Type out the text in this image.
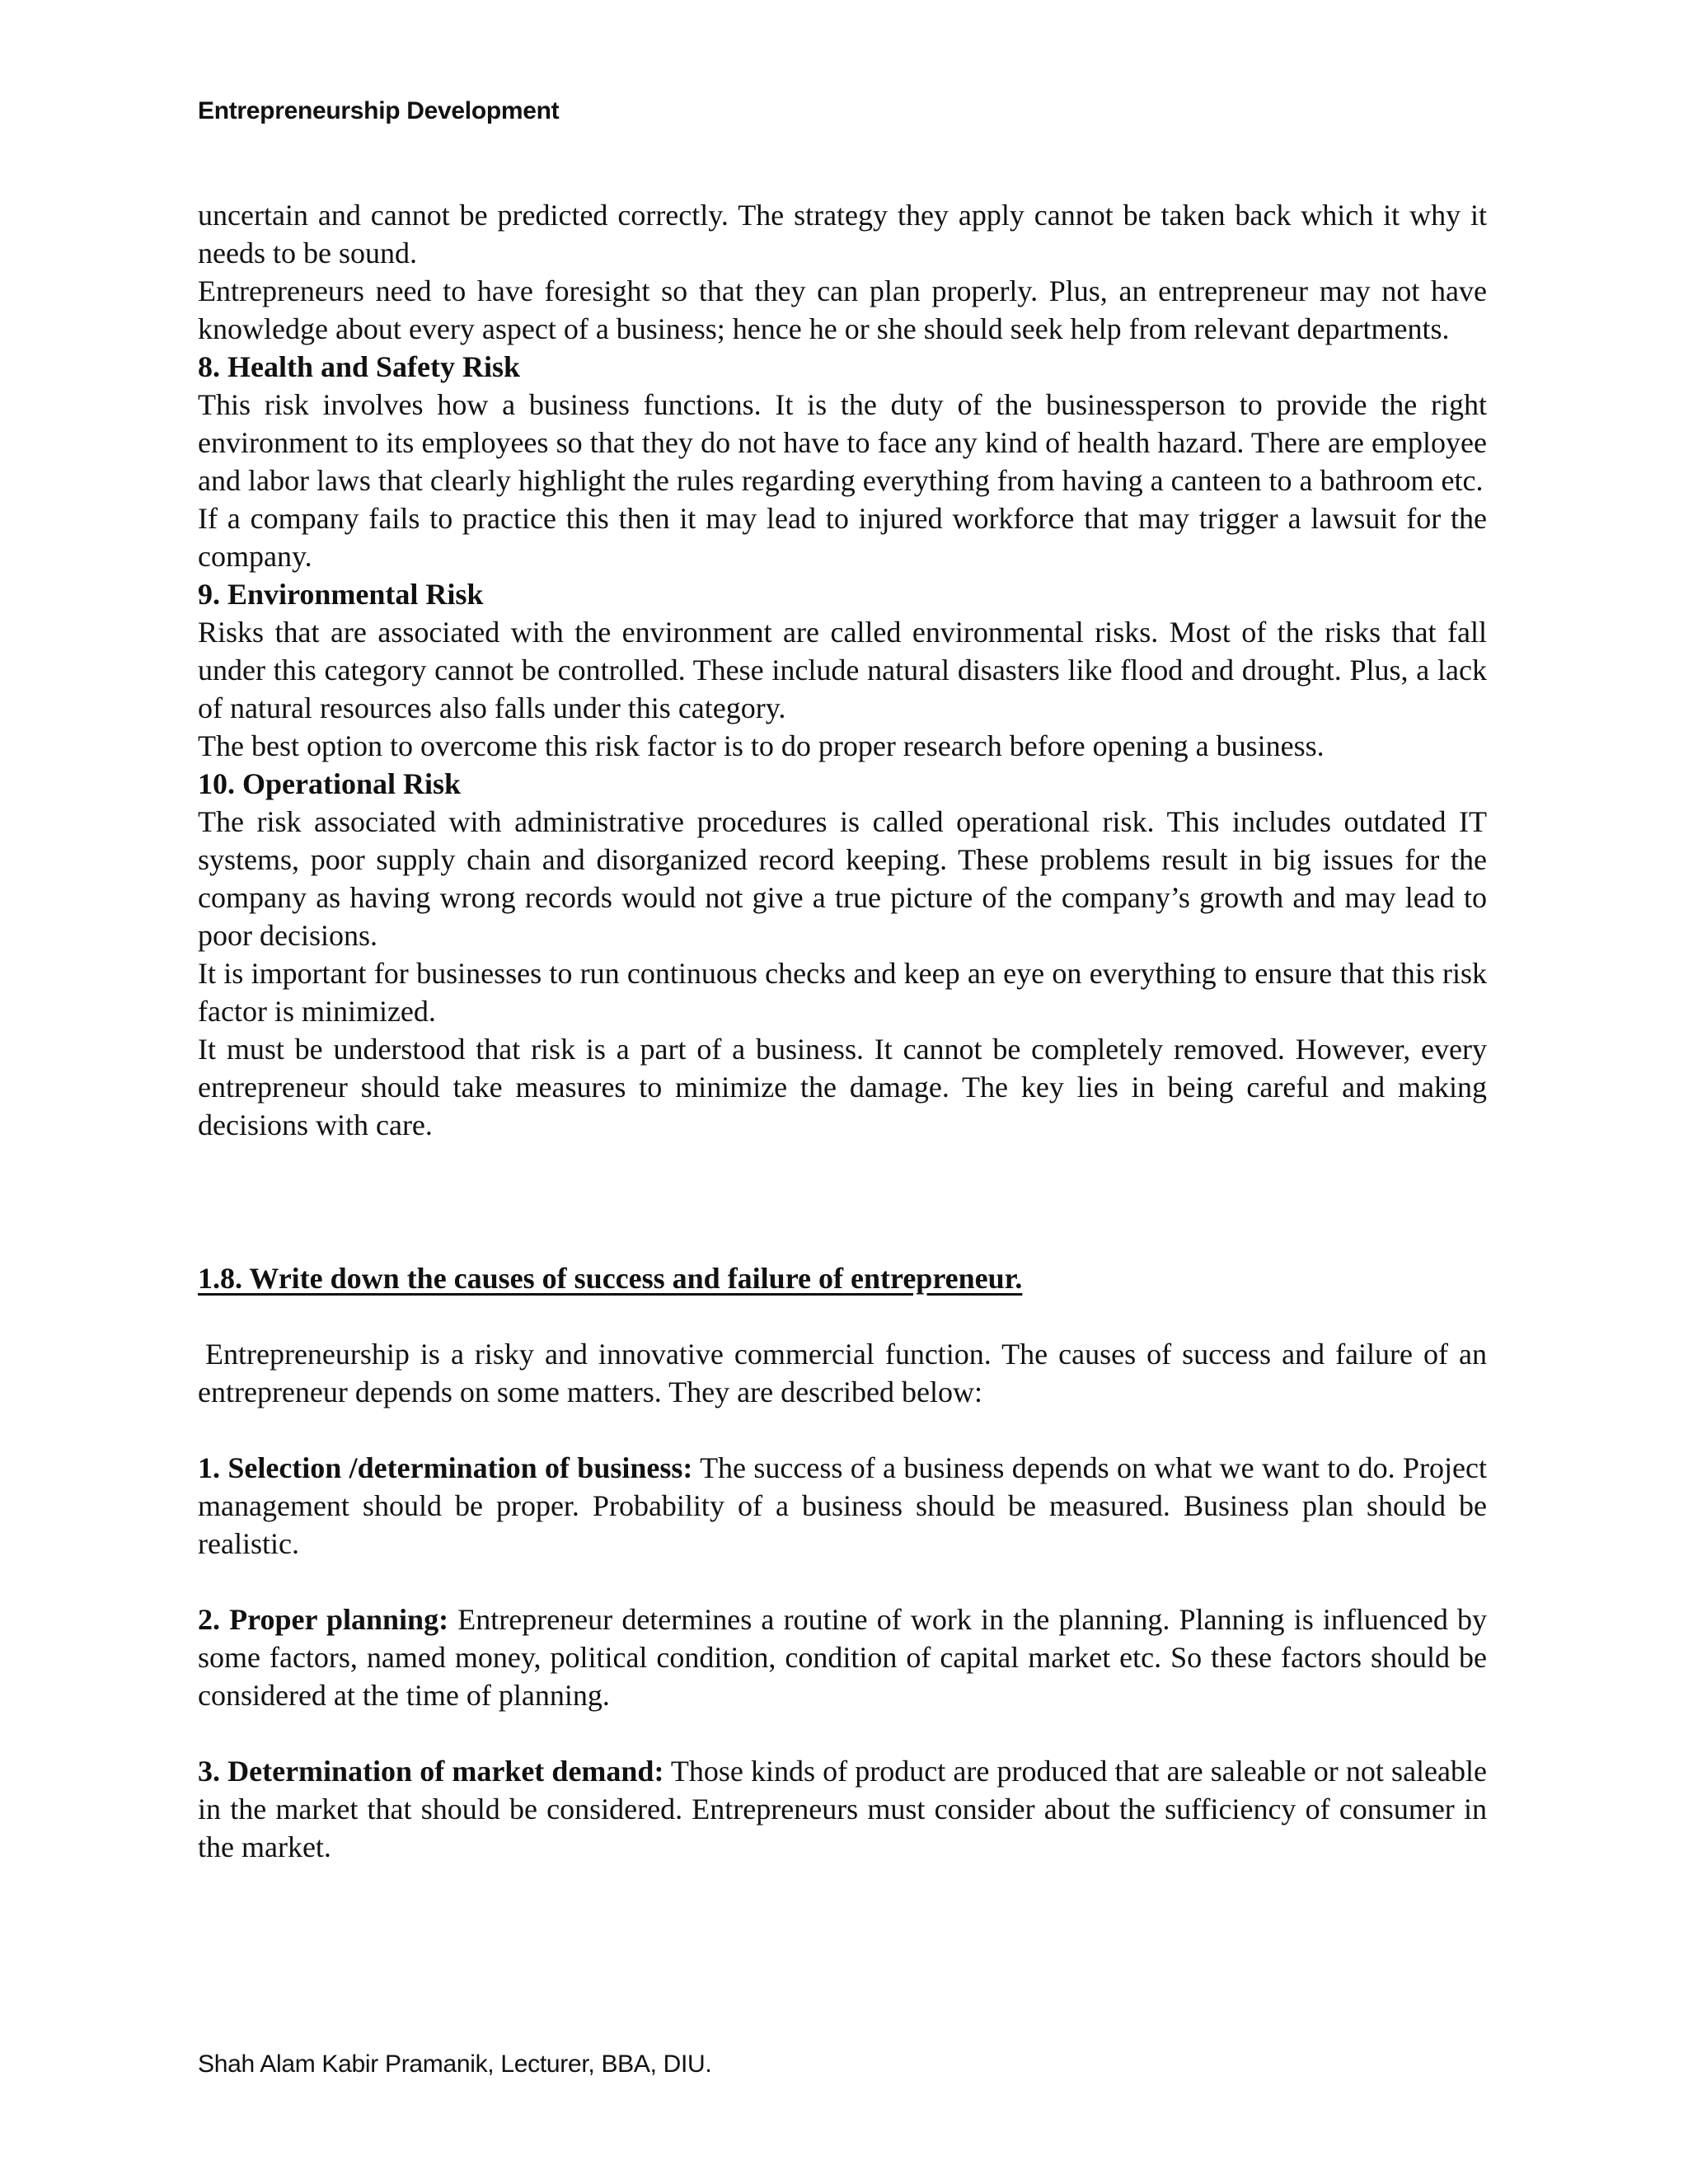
Entrepreneurship Development

uncertain and cannot be predicted correctly. The strategy they apply cannot be taken back which it why it needs to be sound.

Entrepreneurs need to have foresight so that they can plan properly. Plus, an entrepreneur may not have knowledge about every aspect of a business; hence he or she should seek help from relevant departments.

8. Health and Safety Risk

This risk involves how a business functions. It is the duty of the businessperson to provide the right environment to its employees so that they do not have to face any kind of health hazard. There are employee and labor laws that clearly highlight the rules regarding everything from having a canteen to a bathroom etc.

If a company fails to practice this then it may lead to injured workforce that may trigger a lawsuit for the company.

9. Environmental Risk

Risks that are associated with the environment are called environmental risks. Most of the risks that fall under this category cannot be controlled. These include natural disasters like flood and drought. Plus, a lack of natural resources also falls under this category.

The best option to overcome this risk factor is to do proper research before opening a business.

10. Operational Risk

The risk associated with administrative procedures is called operational risk. This includes outdated IT systems, poor supply chain and disorganized record keeping. These problems result in big issues for the company as having wrong records would not give a true picture of the company’s growth and may lead to poor decisions.

It is important for businesses to run continuous checks and keep an eye on everything to ensure that this risk factor is minimized.

It must be understood that risk is a part of a business. It cannot be completely removed. However, every entrepreneur should take measures to minimize the damage. The key lies in being careful and making decisions with care.

1.8. Write down the causes of success and failure of entrepreneur.

Entrepreneurship is a risky and innovative commercial function. The causes of success and failure of an entrepreneur depends on some matters. They are described below:

1. Selection /determination of business: The success of a business depends on what we want to do. Project management should be proper. Probability of a business should be measured. Business plan should be realistic.

2. Proper planning: Entrepreneur determines a routine of work in the planning. Planning is influenced by some factors, named money, political condition, condition of capital market etc. So these factors should be considered at the time of planning.

3. Determination of market demand: Those kinds of product are produced that are saleable or not saleable in the market that should be considered. Entrepreneurs must consider about the sufficiency of consumer in the market.

Shah Alam Kabir Pramanik, Lecturer, BBA, DIU.
